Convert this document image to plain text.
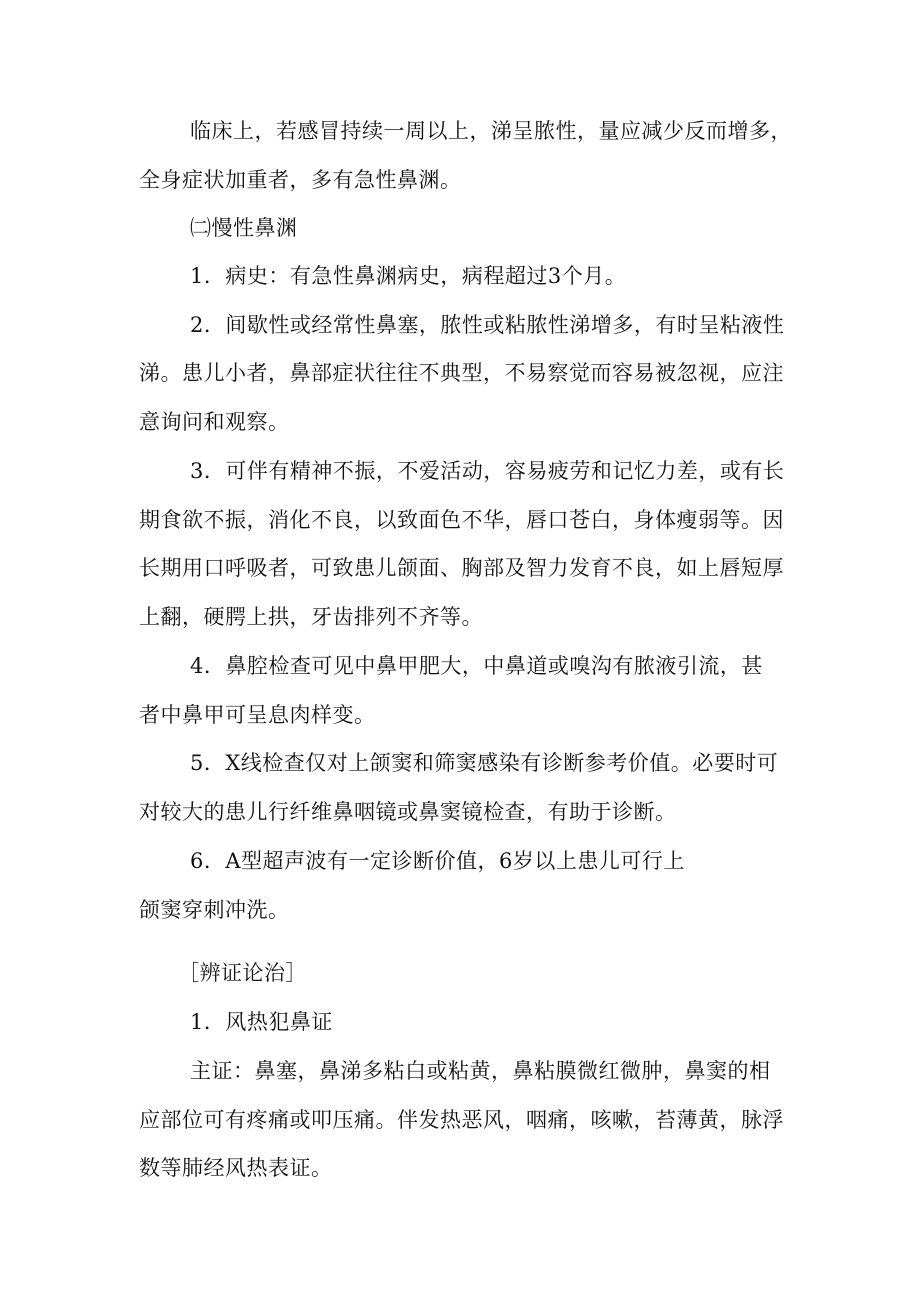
临床上，若感冒持续一周以上，涕呈脓性，量应减少反而增多，
全身症状加重者，多有急性鼻渊。
㈡慢性鼻渊
1．病史：有急性鼻渊病史，病程超过3个月。
2．间歇性或经常性鼻塞，脓性或粘脓性涕增多，有时呈粘液性
涕。患儿小者，鼻部症状往往不典型，不易察觉而容易被忽视，应注
意询问和观察。
3．可伴有精神不振，不爱活动，容易疲劳和记忆力差，或有长
期食欲不振，消化不良，以致面色不华，唇口苍白，身体瘦弱等。因
长期用口呼吸者，可致患儿颌面、胸部及智力发育不良，如上唇短厚
上翻，硬腭上拱，牙齿排列不齐等。
4．鼻腔检查可见中鼻甲肥大，中鼻道或嗅沟有脓液引流，甚
者中鼻甲可呈息肉样变。
5．X线检查仅对上颌窦和筛窦感染有诊断参考价值。必要时可
对较大的患儿行纤维鼻咽镜或鼻窦镜检查，有助于诊断。
6．A型超声波有一定诊断价值，6岁以上患儿可行上
颌窦穿刺冲洗。
［辨证论治］
1．风热犯鼻证
主证：鼻塞，鼻涕多粘白或粘黄，鼻粘膜微红微肿，鼻窦的相
应部位可有疼痛或叩压痛。伴发热恶风，咽痛，咳嗽，苔薄黄，脉浮
数等肺经风热表证。
